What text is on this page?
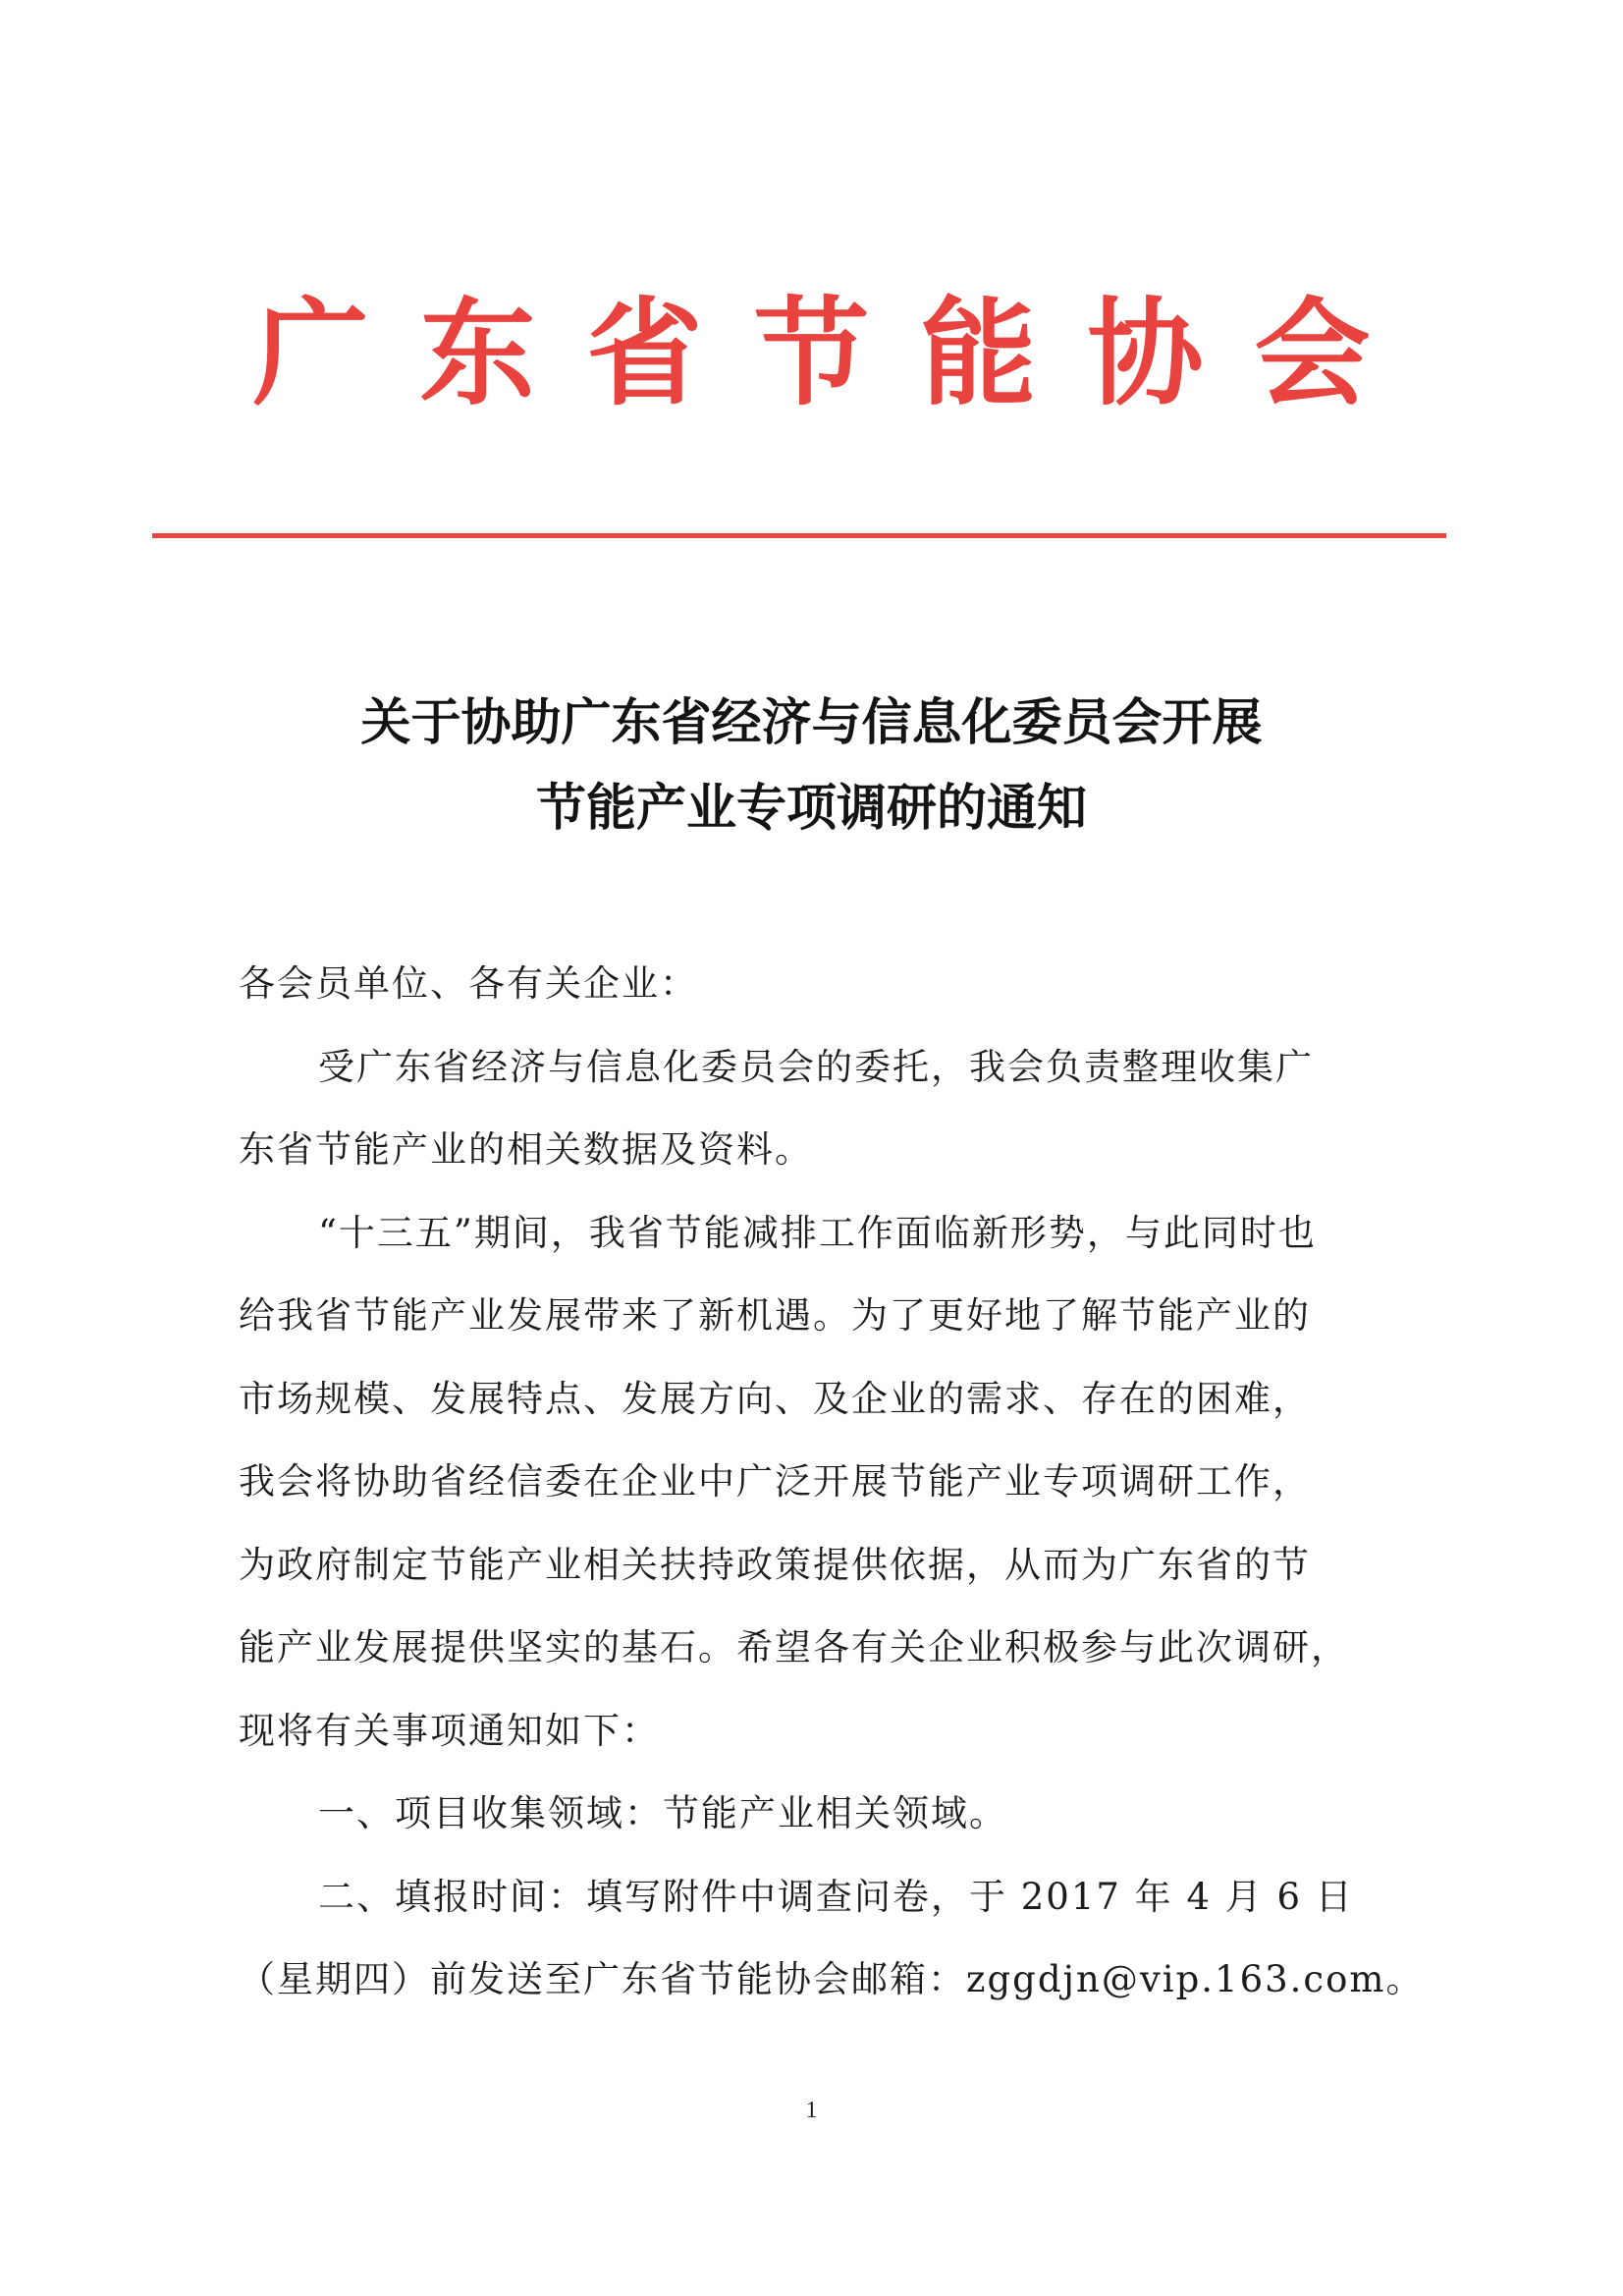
广东省节能协会
关于协助广东省经济与信息化委员会开展
节能产业专项调研的通知
各会员单位、各有关企业：
受广东省经济与信息化委员会的委托，我会负责整理收集广
东省节能产业的相关数据及资料。
“十三五”期间，我省节能减排工作面临新形势，与此同时也
给我省节能产业发展带来了新机遇。为了更好地了解节能产业的
市场规模、发展特点、发展方向、及企业的需求、存在的困难，
我会将协助省经信委在企业中广泛开展节能产业专项调研工作，
为政府制定节能产业相关扶持政策提供依据，从而为广东省的节
能产业发展提供坚实的基石。希望各有关企业积极参与此次调研，
现将有关事项通知如下：
一、项目收集领域：节能产业相关领域。
二、填报时间：填写附件中调查问卷，于 2017 年 4 月 6 日
（星期四）前发送至广东省节能协会邮箱：zggdjn@vip.163.com。
1
